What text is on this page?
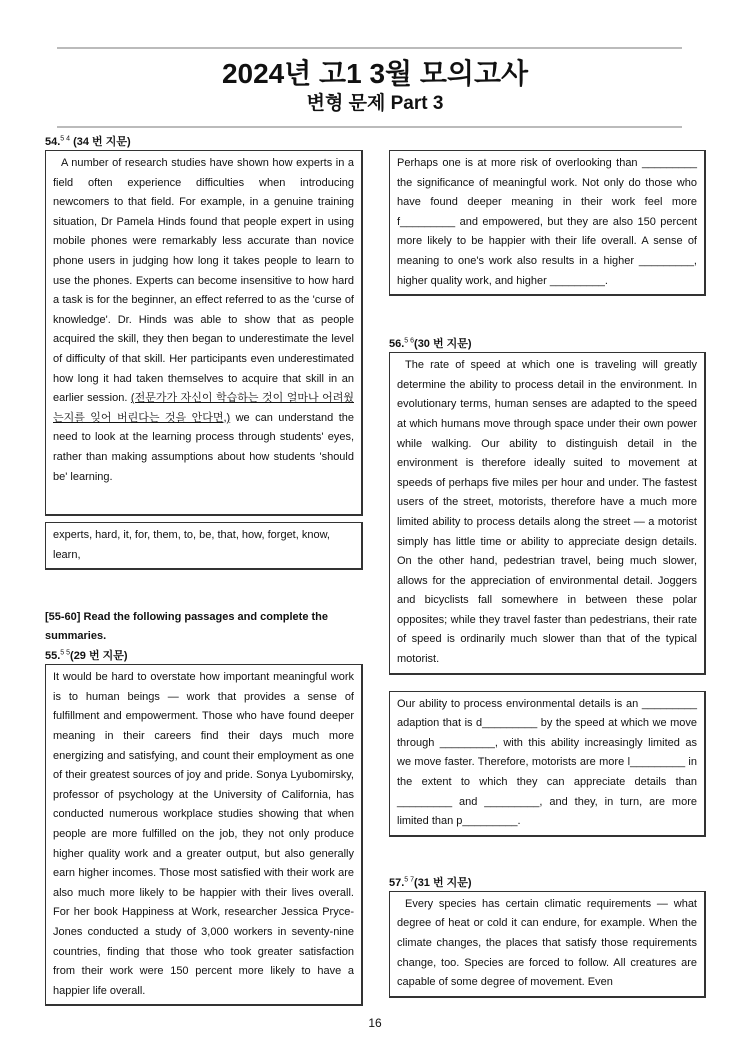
2024년 고1 3월 모의고사
변형 문제 Part 3
54.$^{5 4}$ (34 번 지문)
A number of research studies have shown how experts in a field often experience difficulties when introducing newcomers to that field. For example, in a genuine training situation, Dr Pamela Hinds found that people expert in using mobile phones were remarkably less accurate than novice phone users in judging how long it takes people to learn to use the phones. Experts can become insensitive to how hard a task is for the beginner, an effect referred to as the 'curse of knowledge'. Dr. Hinds was able to show that as people acquired the skill, they then began to underestimate the level of difficulty of that skill. Her participants even underestimated how long it had taken themselves to acquire that skill in an earlier session. (전문가가 자신이 학습하는 것이 얼마나 어려웠는지를 잊어 버린다는 것을 안다면,) we can understand the need to look at the learning process through students' eyes, rather than making assumptions about how students 'should be' learning.
experts, hard, it, for, them, to, be, that, how, forget, know, learn,
[55-60] Read the following passages and complete the summaries.
55.$^{5 5}$(29 번 지문)
It would be hard to overstate how important meaningful work is to human beings — work that provides a sense of fulfillment and empowerment. Those who have found deeper meaning in their careers find their days much more energizing and satisfying, and count their employment as one of their greatest sources of joy and pride. Sonya Lyubomirsky, professor of psychology at the University of California, has conducted numerous workplace studies showing that when people are more fulfilled on the job, they not only produce higher quality work and a greater output, but also generally earn higher incomes. Those most satisfied with their work are also much more likely to be happier with their lives overall. For her book Happiness at Work, researcher Jessica Pryce-Jones conducted a study of 3,000 workers in seventy-nine countries, finding that those who took greater satisfaction from their work were 150 percent more likely to have a happier life overall.
Perhaps one is at more risk of overlooking than _________ the significance of meaningful work. Not only do those who have found deeper meaning in their work feel more f_________ and empowered, but they are also 150 percent more likely to be happier with their life overall. A sense of meaning to one's work also results in a higher _________, higher quality work, and higher _________.
56.$^{5 6}$(30 번 지문)
The rate of speed at which one is traveling will greatly determine the ability to process detail in the environment. In evolutionary terms, human senses are adapted to the speed at which humans move through space under their own power while walking. Our ability to distinguish detail in the environment is therefore ideally suited to movement at speeds of perhaps five miles per hour and under. The fastest users of the street, motorists, therefore have a much more limited ability to process details along the street — a motorist simply has little time or ability to appreciate design details. On the other hand, pedestrian travel, being much slower, allows for the appreciation of environmental detail. Joggers and bicyclists fall somewhere in between these polar opposites; while they travel faster than pedestrians, their rate of speed is ordinarily much slower than that of the typical motorist.
Our ability to process environmental details is an _________ adaption that is d_________ by the speed at which we move through _________, with this ability increasingly limited as we move faster. Therefore, motorists are more l_________ in the extent to which they can appreciate details than _________ and _________, and they, in turn, are more limited than p_________.
57.$^{5 7}$(31 번 지문)
Every species has certain climatic requirements — what degree of heat or cold it can endure, for example. When the climate changes, the places that satisfy those requirements change, too. Species are forced to follow. All creatures are capable of some degree of movement. Even
16
